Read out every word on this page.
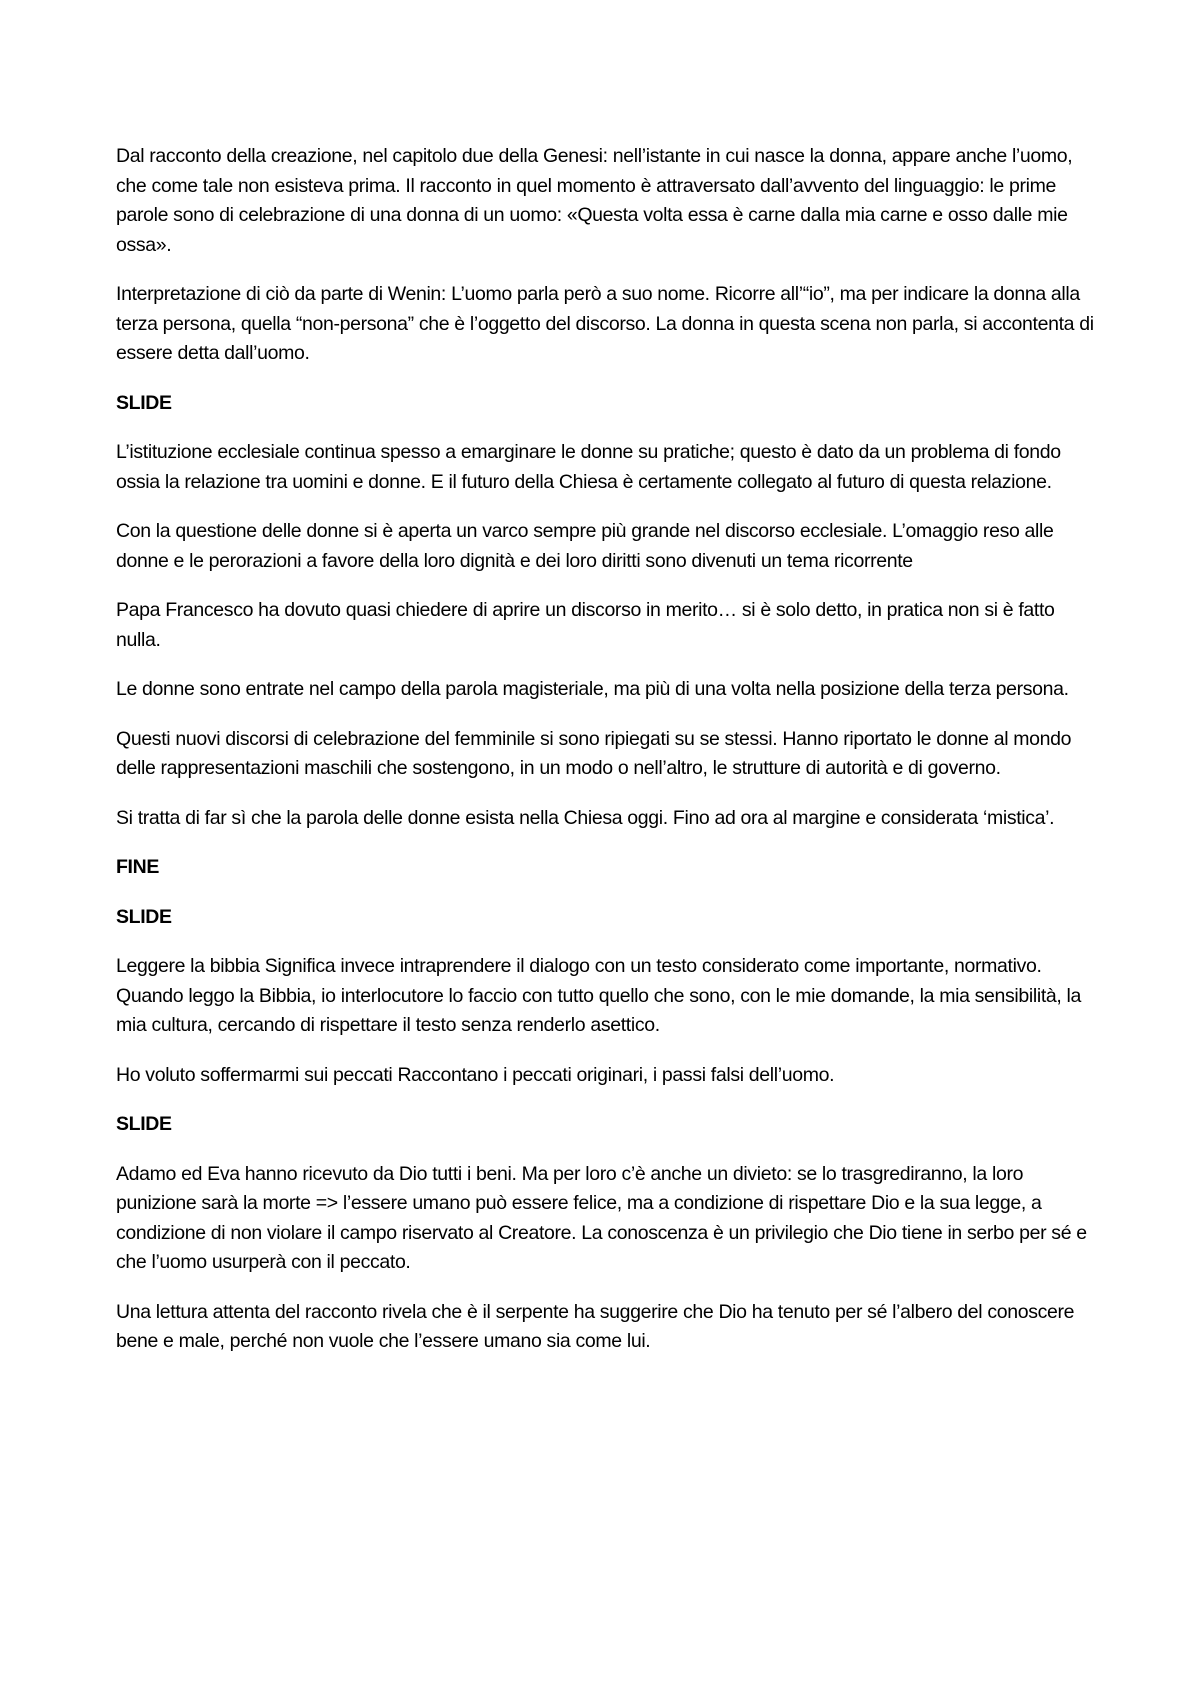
Dal racconto della creazione, nel capitolo due della Genesi: nell’istante in cui nasce la donna, appare anche l’uomo, che come tale non esisteva prima. Il racconto in quel momento è attraversato dall’avvento del linguaggio: le prime parole sono di celebrazione di una donna di un uomo: «Questa volta essa è carne dalla mia carne e osso dalle mie ossa».

Interpretazione di ciò da parte di Wenin: L’uomo parla però a suo nome. Ricorre all’“io”, ma per indicare la donna alla terza persona, quella “non-persona” che è l’oggetto del discorso. La donna in questa scena non parla, si accontenta di essere detta dall’uomo.

SLIDE

L’istituzione ecclesiale continua spesso a emarginare le donne su pratiche; questo è dato da un problema di fondo ossia la relazione tra uomini e donne. E il futuro della Chiesa è certamente collegato al futuro di questa relazione.

Con la questione delle donne si è aperta un varco sempre più grande nel discorso ecclesiale. L’omaggio reso alle donne e le perorazioni a favore della loro dignità e dei loro diritti sono divenuti un tema ricorrente

Papa Francesco ha dovuto quasi chiedere di aprire un discorso in merito… si è solo detto, in pratica non si è fatto nulla.

Le donne sono entrate nel campo della parola magisteriale, ma più di una volta nella posizione della terza persona.

Questi nuovi discorsi di celebrazione del femminile si sono ripiegati su se stessi. Hanno riportato le donne al mondo delle rappresentazioni maschili che sostengono, in un modo o nell’altro, le strutture di autorità e di governo.

Si tratta di far sì che la parola delle donne esista nella Chiesa oggi. Fino ad ora al margine e considerata ‘mistica’.

FINE

SLIDE

Leggere la bibbia Significa invece intraprendere il dialogo con un testo considerato come importante, normativo. Quando leggo la Bibbia, io interlocutore lo faccio con tutto quello che sono, con le mie domande, la mia sensibilità, la mia cultura, cercando di rispettare il testo senza renderlo asettico.

Ho voluto soffermarmi sui peccati Raccontano i peccati originari, i passi falsi dell’uomo.

SLIDE

Adamo ed Eva hanno ricevuto da Dio tutti i beni. Ma per loro c’è anche un divieto: se lo trasgrediranno, la loro punizione sarà la morte => l’essere umano può essere felice, ma a condizione di rispettare Dio e la sua legge, a condizione di non violare il campo riservato al Creatore. La conoscenza è un privilegio che Dio tiene in serbo per sé e che l’uomo usurperà con il peccato.

Una lettura attenta del racconto rivela che è il serpente ha suggerire che Dio ha tenuto per sé l’albero del conoscere bene e male, perché non vuole che l’essere umano sia come lui.
